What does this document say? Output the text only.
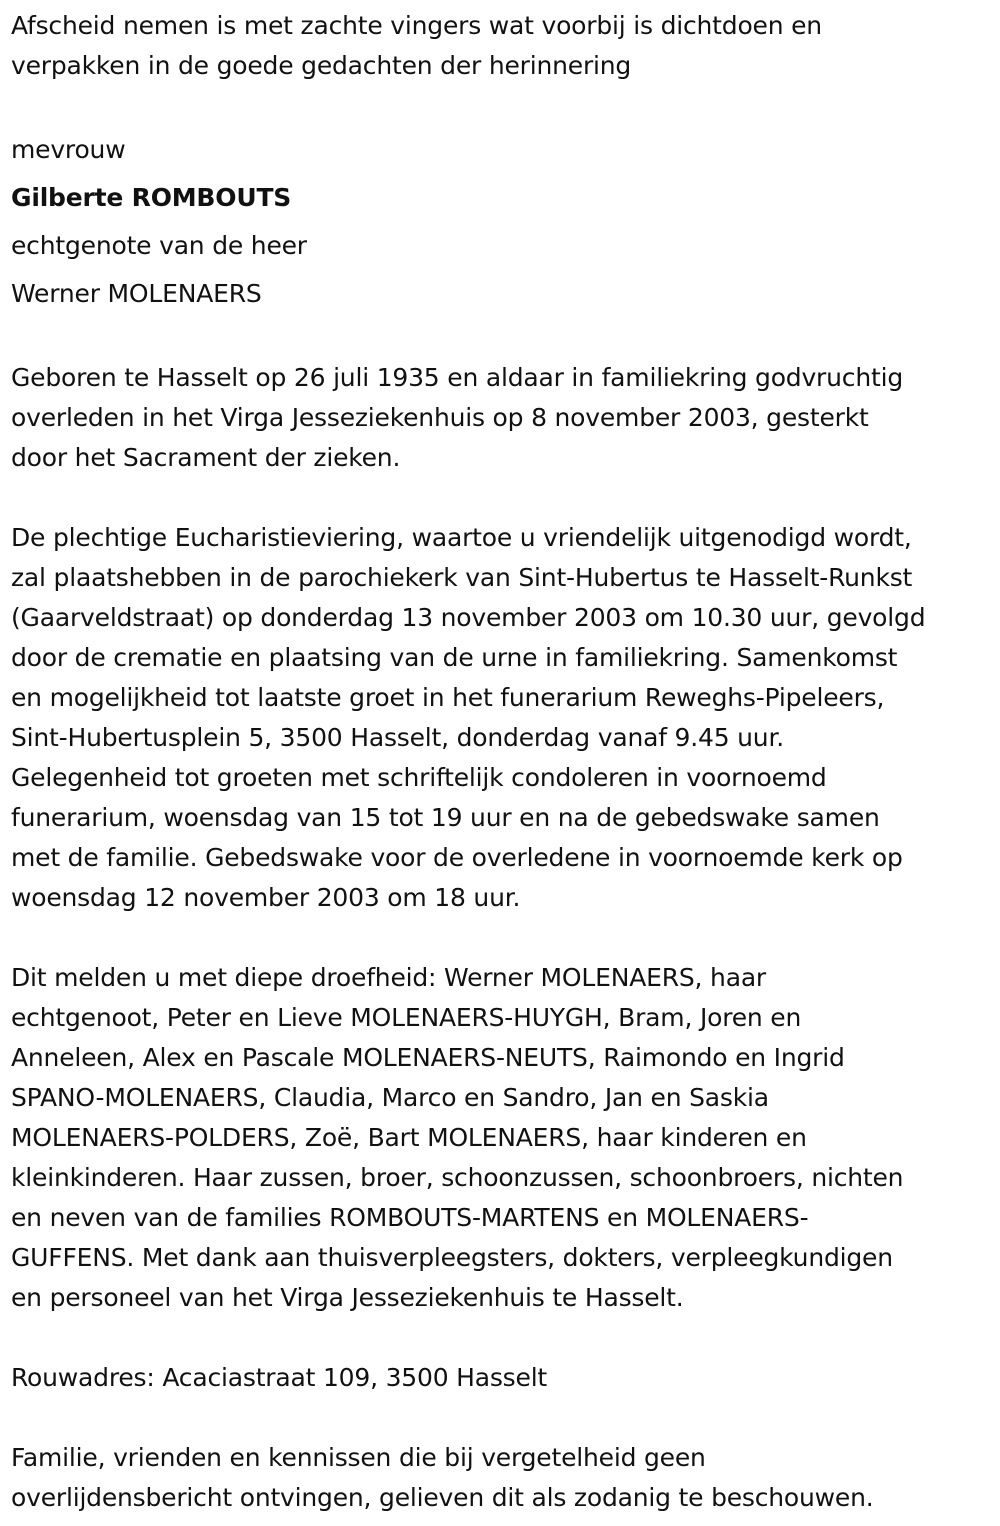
Afscheid nemen is met zachte vingers wat voorbij is dichtdoen en
verpakken in de goede gedachten der herinnering
mevrouw
Gilberte ROMBOUTS
echtgenote van de heer
Werner MOLENAERS
Geboren te Hasselt op 26 juli 1935 en aldaar in familiekring godvruchtig
overleden in het Virga Jesseziekenhuis op 8 november 2003, gesterkt
door het Sacrament der zieken.
De plechtige Eucharistieviering, waartoe u vriendelijk uitgenodigd wordt,
zal plaatshebben in de parochiekerk van Sint-Hubertus te Hasselt-Runkst
(Gaarveldstraat) op donderdag 13 november 2003 om 10.30 uur, gevolgd
door de crematie en plaatsing van de urne in familiekring. Samenkomst
en mogelijkheid tot laatste groet in het funerarium Reweghs-Pipeleers,
Sint-Hubertusplein 5, 3500 Hasselt, donderdag vanaf 9.45 uur.
Gelegenheid tot groeten met schriftelijk condoleren in voornoemd
funerarium, woensdag van 15 tot 19 uur en na de gebedswake samen
met de familie. Gebedswake voor de overledene in voornoemde kerk op
woensdag 12 november 2003 om 18 uur.
Dit melden u met diepe droefheid: Werner MOLENAERS, haar
echtgenoot, Peter en Lieve MOLENAERS-HUYGH, Bram, Joren en
Anneleen, Alex en Pascale MOLENAERS-NEUTS, Raimondo en Ingrid
SPANO-MOLENAERS, Claudia, Marco en Sandro, Jan en Saskia
MOLENAERS-POLDERS, Zoë, Bart MOLENAERS, haar kinderen en
kleinkinderen. Haar zussen, broer, schoonzussen, schoonbroers, nichten
en neven van de families ROMBOUTS-MARTENS en MOLENAERS-
GUFFENS. Met dank aan thuisverpleegsters, dokters, verpleegkundigen
en personeel van het Virga Jesseziekenhuis te Hasselt.
Rouwadres: Acaciastraat 109, 3500 Hasselt
Familie, vrienden en kennissen die bij vergetelheid geen
overlijdensbericht ontvingen, gelieven dit als zodanig te beschouwen.
